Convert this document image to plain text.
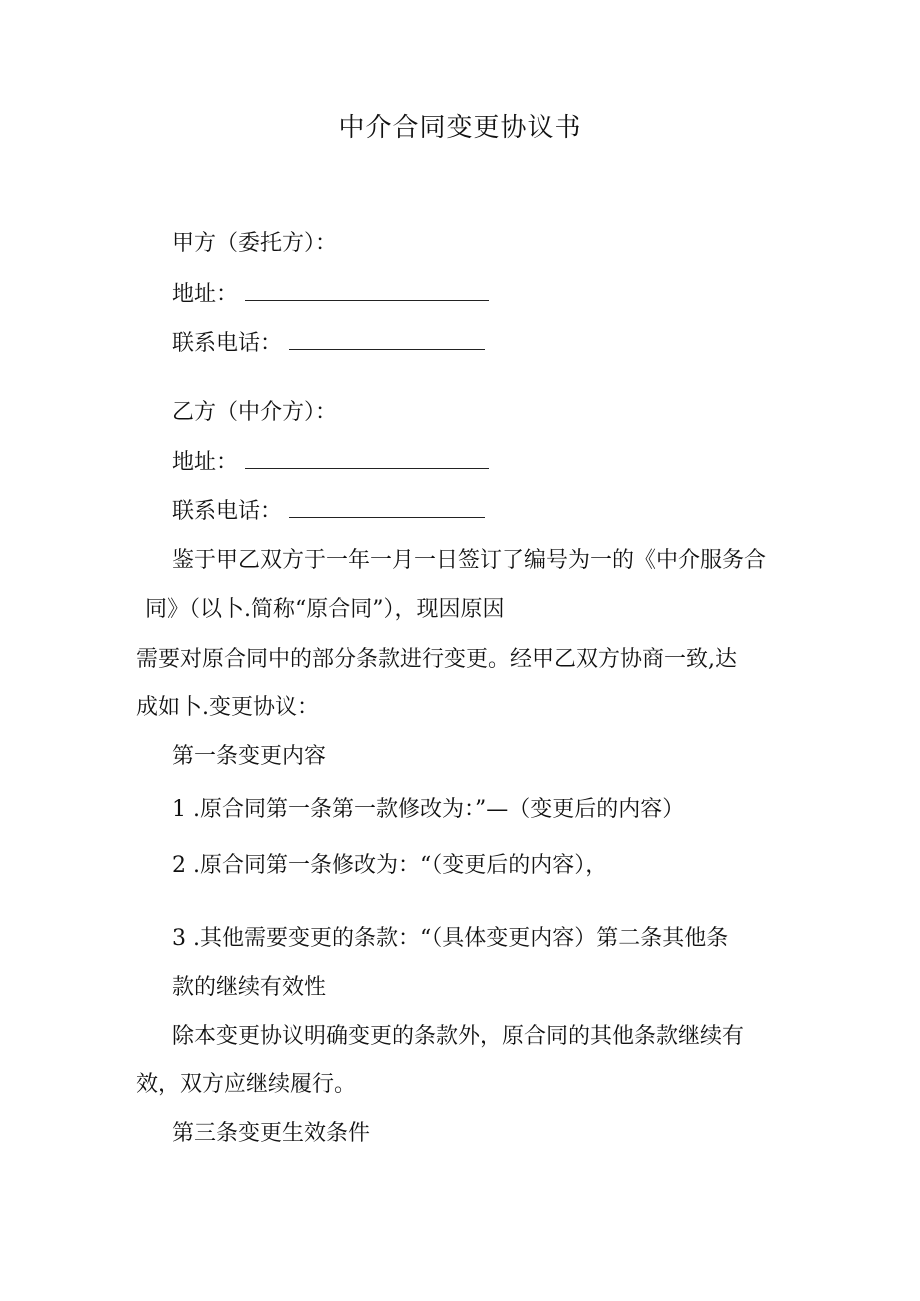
中介合同变更协议书
甲方（委托方）：
地址：
联系电话：
乙方（中介方）：
地址：
联系电话：
鉴于甲乙双方于一年一月一日签订了编号为一的《中介服务合
同》（以卜.简称“原合同”），现因原因
需要对原合同中的部分条款进行变更。经甲乙双方协商一致,达
成如卜.变更协议：
第一条变更内容
1 .原合同第一条第一款修改为：”—（变更后的内容）
2 .原合同第一条修改为：“（变更后的内容），
3 .其他需要变更的条款：“（具体变更内容）第二条其他条
款的继续有效性
除本变更协议明确变更的条款外，原合同的其他条款继续有
效，双方应继续履行。
第三条变更生效条件
